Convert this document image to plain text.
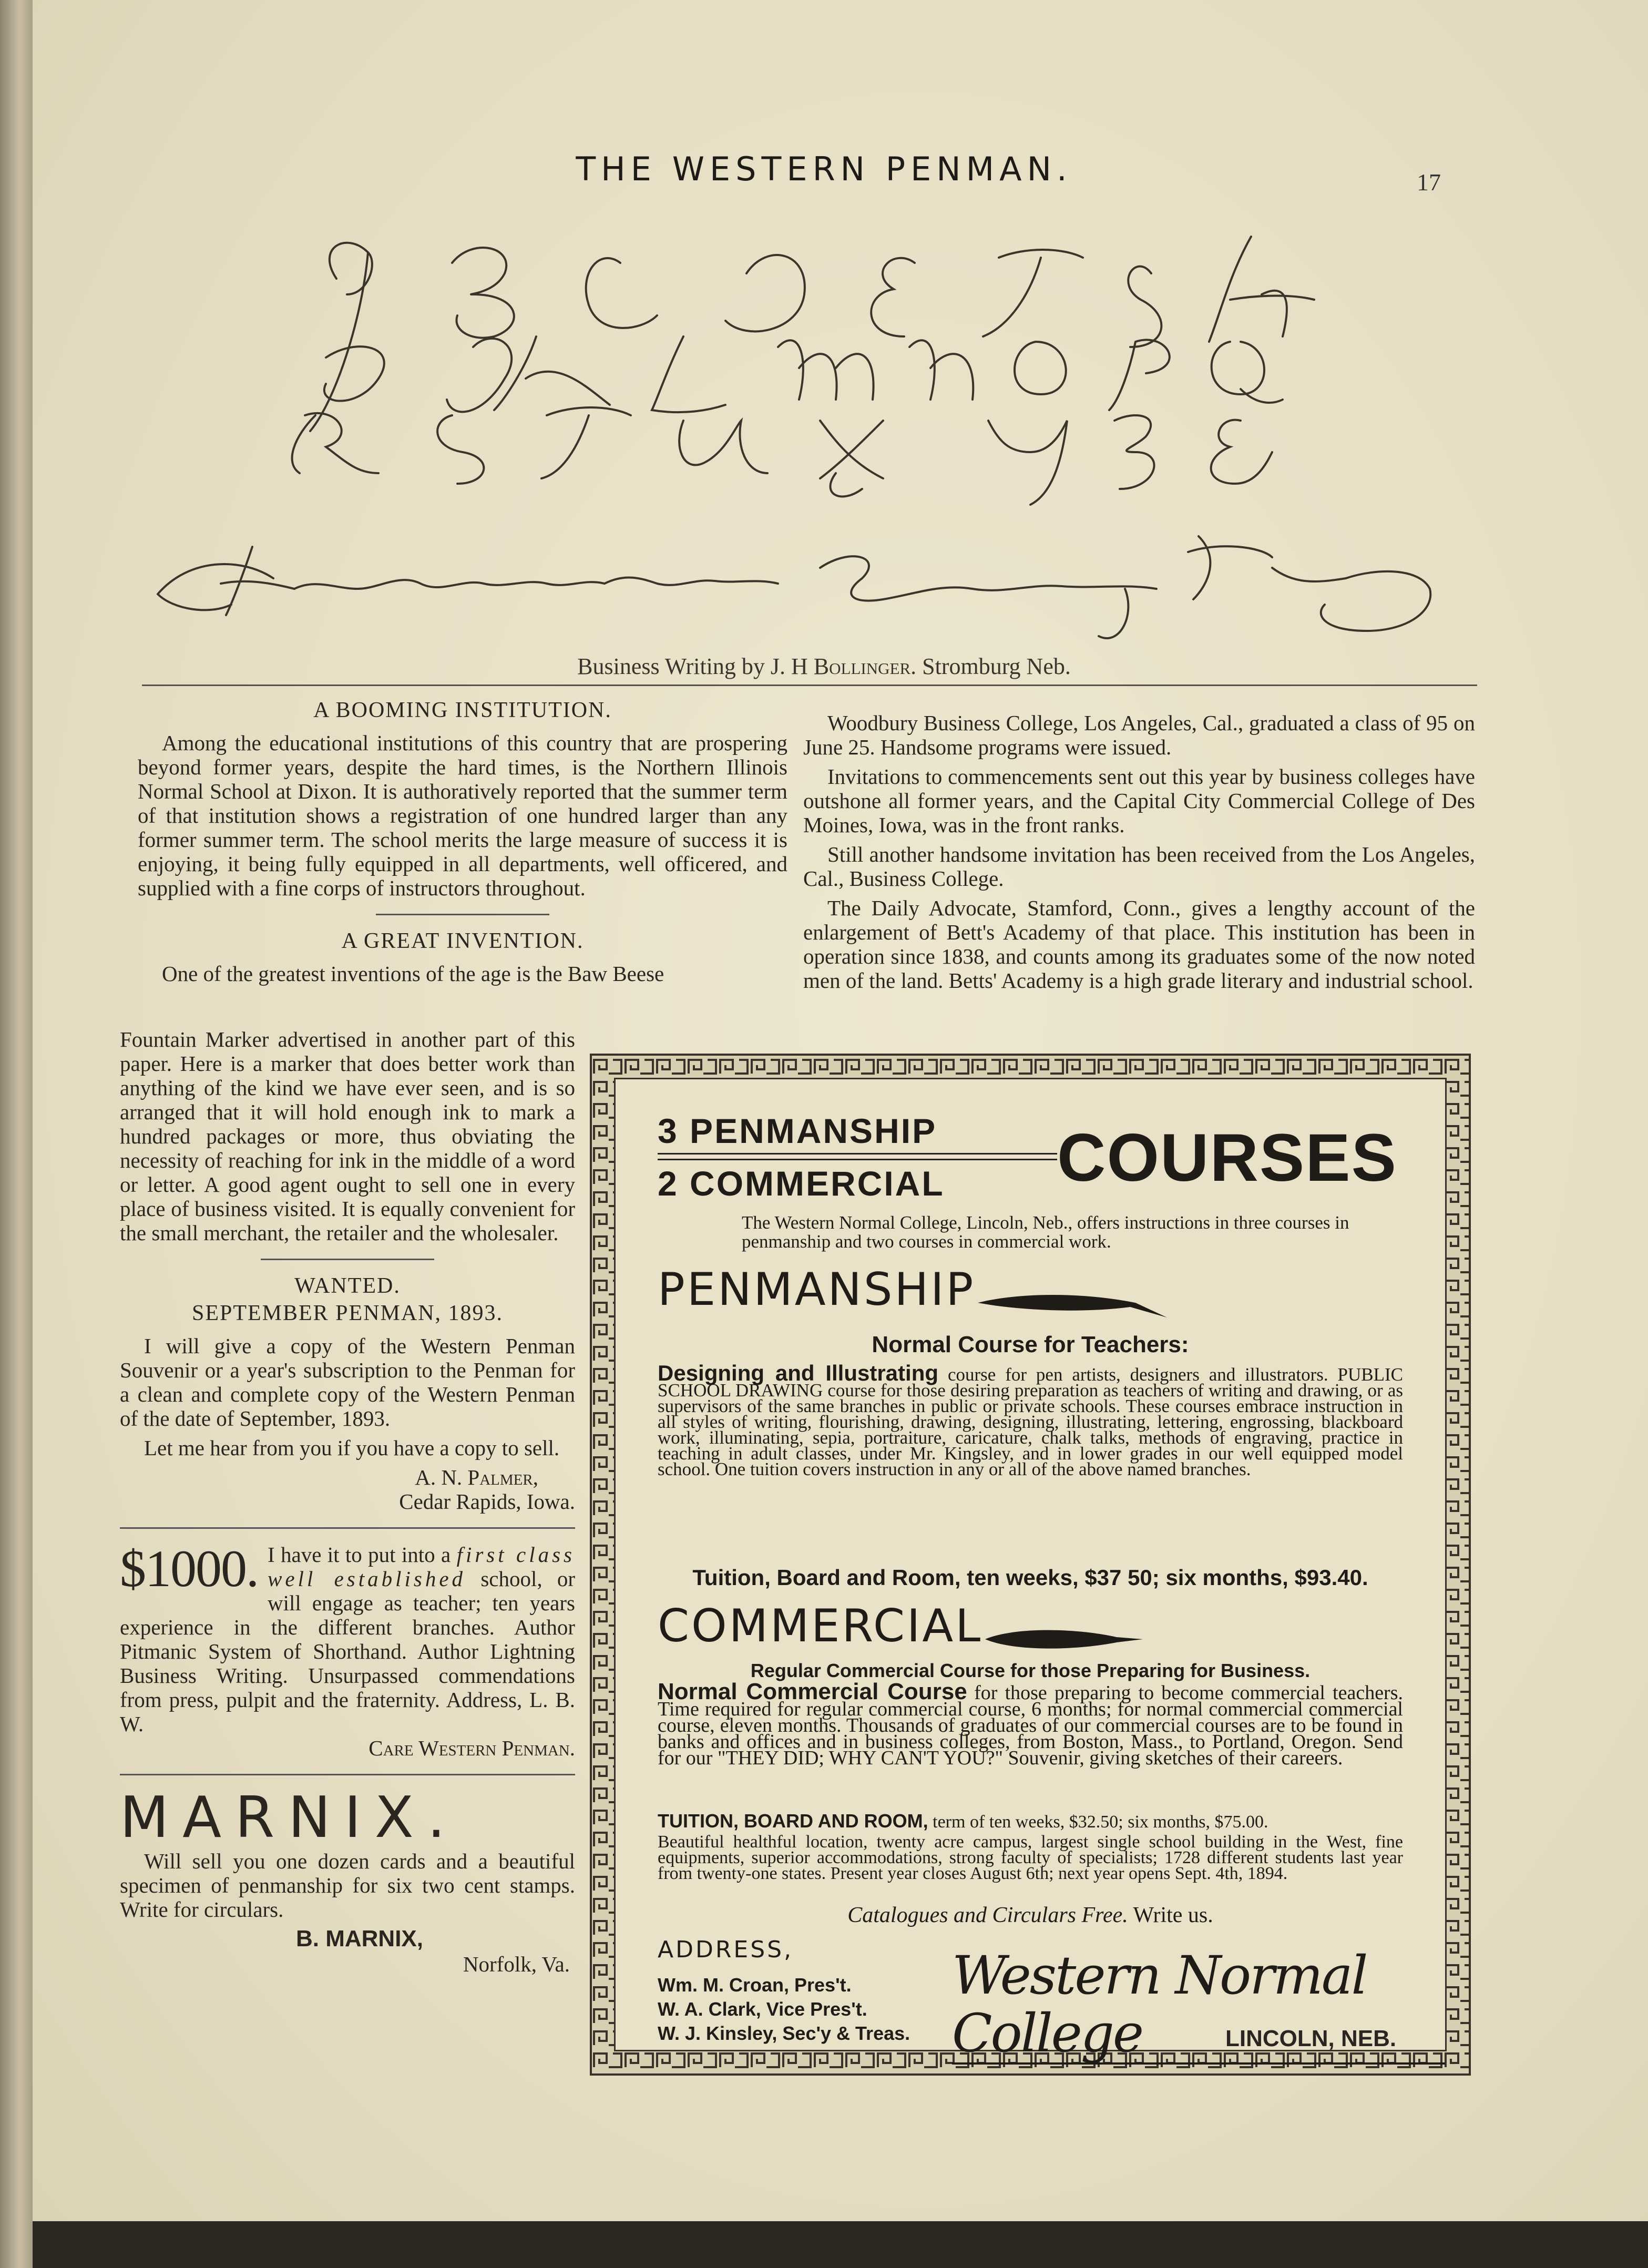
THE WESTERN PENMAN.	17
Business Writing by J. H Bollinger. Stromburg Neb.
A BOOMING INSTITUTION.

Among the educational institutions of this country that are prospering beyond former years, despite the hard times, is the Northern Illinois Normal School at Dixon. It is authoratively reported that the summer term of that institution shows a registration of one hundred larger than any former summer term. The school merits the large measure of success it is enjoying, it being fully equipped in all departments, well officered, and supplied with a fine corps of instructors throughout.

A GREAT INVENTION.

One of the greatest inventions of the age is the Baw Beese

Fountain Marker advertised in another part of this paper. Here is a marker that does better work than anything of the kind we have ever seen, and is so arranged that it will hold enough ink to mark a hundred packages or more, thus obviating the necessity of reaching for ink in the middle of a word or letter. A good agent ought to sell one in every place of business visited. It is equally convenient for the small merchant, the retailer and the wholesaler.

WANTED.
SEPTEMBER PENMAN, 1893.

I will give a copy of the Western Penman Souvenir or a year's subscription to the Penman for a clean and complete copy of the Western Penman of the date of September, 1893.

Let me hear from you if you have a copy to sell.

A. N. Palmer,

Cedar Rapids, Iowa.

$1000. I have it to put into a first class well established school, or will engage as teacher; ten years experience in the different branches. Author Pitmanic System of Shorthand. Author Lightning Business Writing. Unsurpassed commendations from press, pulpit and the fraternity. Address, L. B. W.

Care Western Penman.

MARNIX.

Will sell you one dozen cards and a beautiful specimen of penmanship for six two cent stamps. Write for circulars.

B. MARNIX,

Norfolk, Va.

Woodbury Business College, Los Angeles, Cal., graduated a class of 95 on June 25. Handsome programs were issued.

Invitations to commencements sent out this year by business colleges have outshone all former years, and the Capital City Commercial College of Des Moines, Iowa, was in the front ranks.

Still another handsome invitation has been received from the Los Angeles, Cal., Business College.

The Daily Advocate, Stamford, Conn., gives a lengthy account of the enlargement of Bett's Academy of that place. This institution has been in operation since 1838, and counts among its graduates some of the now noted men of the land. Betts' Academy is a high grade literary and industrial school.

3 PENMANSHIP
2 COMMERCIAL	COURSES
The Western Normal College, Lincoln, Neb., offers instructions in three courses in penmanship and two courses in commercial work.
PENMANSHIP
Normal Course for Teachers:
Designing and Illustrating course for pen artists, designers and illustrators. PUBLIC SCHOOL DRAWING course for those desiring preparation as teachers of writing and drawing, or as supervisors of the same branches in public or private schools. These courses embrace instruction in all styles of writing, flourishing, drawing, designing, illustrating, lettering, engrossing, blackboard work, illuminating, sepia, portraiture, caricature, chalk talks, methods of engraving, practice in teaching in adult classes, under Mr. Kingsley, and in lower grades in our well equipped model school. One tuition covers instruction in any or all of the above named branches.
Tuition, Board and Room, ten weeks, $37 50; six months, $93.40.
COMMERCIAL
Regular Commercial Course for those Preparing for Business.
Normal Commercial Course for those preparing to become commercial teachers. Time required for regular commercial course, 6 months; for normal commercial commercial course, eleven months. Thousands of graduates of our commercial courses are to be found in banks and offices and in business colleges, from Boston, Mass., to Portland, Oregon. Send for our "THEY DID; WHY CAN'T YOU?" Souvenir, giving sketches of their careers.
TUITION, BOARD AND ROOM, term of ten weeks, $32.50; six months, $75.00.
Beautiful healthful location, twenty acre campus, largest single school building in the West, fine equipments, superior accommodations, strong faculty of specialists; 1728 different students last year from twenty-one states. Present year closes August 6th; next year opens Sept. 4th, 1894.
Catalogues and Circulars Free. Write us.
ADDRESS,
Wm. M. Croan, Pres't.
W. A. Clark, Vice Pres't.
W. J. Kinsley, Sec'y & Treas.
Western Normal College	LINCOLN, NEB.
